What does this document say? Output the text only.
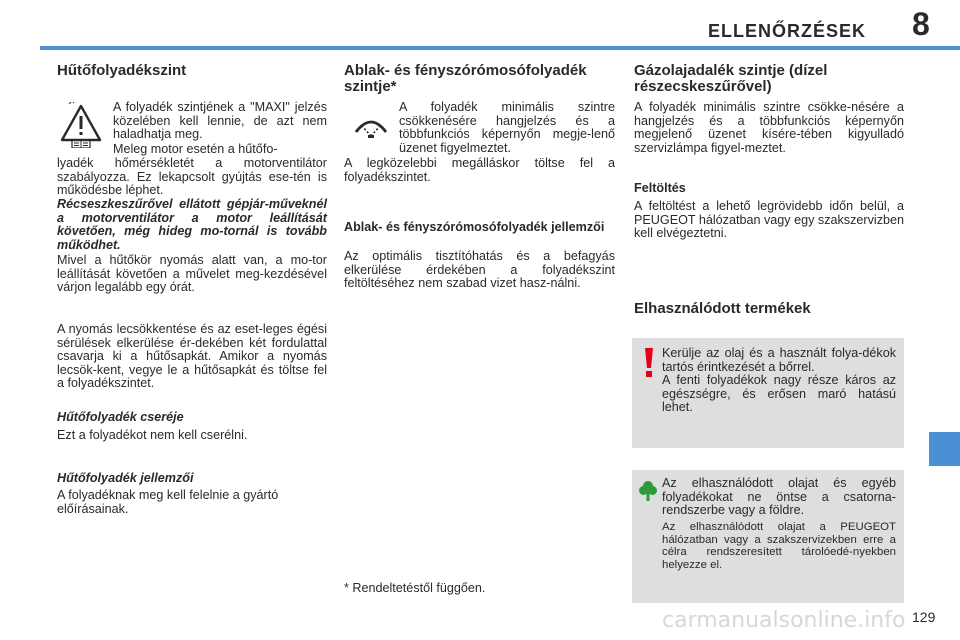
ELLENŐRZÉSEK 8
Hűtőfolyadékszint
A folyadék szintjének a "MAXI" jelzés közelében kell lennie, de azt nem haladhatja meg.
Meleg motor esetén a hűtőfo-
lyadék hőmérsékletét a motorventilátor szabályozza. Ez lekapcsolt gyújtás ese-tén is működésbe léphet.
Récseszkeszűrővel ellátott gépjár-műveknél a motorventilátor a motor leállítását követően, még hideg mo-tornál is tovább működhet.
Mivel a hűtőkör nyomás alatt van, a mo-tor leállítását követően a művelet meg-kezdésével várjon legalább egy órát.
A nyomás lecsökkentése és az eset-leges égési sérülések elkerülése ér-dekében két fordulattal csavarja ki a hűtősapkát. Amikor a nyomás lecsök-kent, vegye le a hűtősapkát és töltse fel a folyadékszintet.
Hűtőfolyadék cseréje
Ezt a folyadékot nem kell cserélni.
Hűtőfolyadék jellemzői
A folyadéknak meg kell felelnie a gyártó előírásainak.
Ablak- és fényszórómosófolyadék szintje*
A folyadék minimális szintre csökkenésére hangjelzés és a többfunkciós képernyőn megje-lenő üzenet figyelmeztet.
A legközelebbi megálláskor töltse fel a folyadékszintet.
Ablak- és fényszórómosófolyadék jellemzői
Az optimális tisztítóhatás és a befagyás elkerülése érdekében a folyadékszint feltöltéséhez nem szabad vizet hasz-nálni.
* Rendeltetéstől függően.
Gázolajadalék szintje (dízel részecskeszűrővel)
A folyadék minimális szintre csökke-nésére a hangjelzés és a többfunkciós képernyőn megjelenő üzenet kísére-tében kigyulladó szervizlámpa figyel-meztet.
Feltöltés
A feltöltést a lehető legrövidebb időn belül, a PEUGEOT hálózatban vagy egy szakszervizben kell elvégeztetni.
Elhasználódott termékek
Kerülje az olaj és a használt folya-dékok tartós érintkezését a bőrrel.
A fenti folyadékok nagy része káros az egészségre, és erősen maró hatású lehet.
Az elhasználódott olajat és egyéb folyadékokat ne öntse a csatorna-rendszerbe vagy a földre.
Az elhasználódott olajat a PEUGEOT hálózatban vagy a szakszervizekben erre a célra rendszeresített tárolóedé-nyekben helyezze el.
carmanualsonline.info 129
